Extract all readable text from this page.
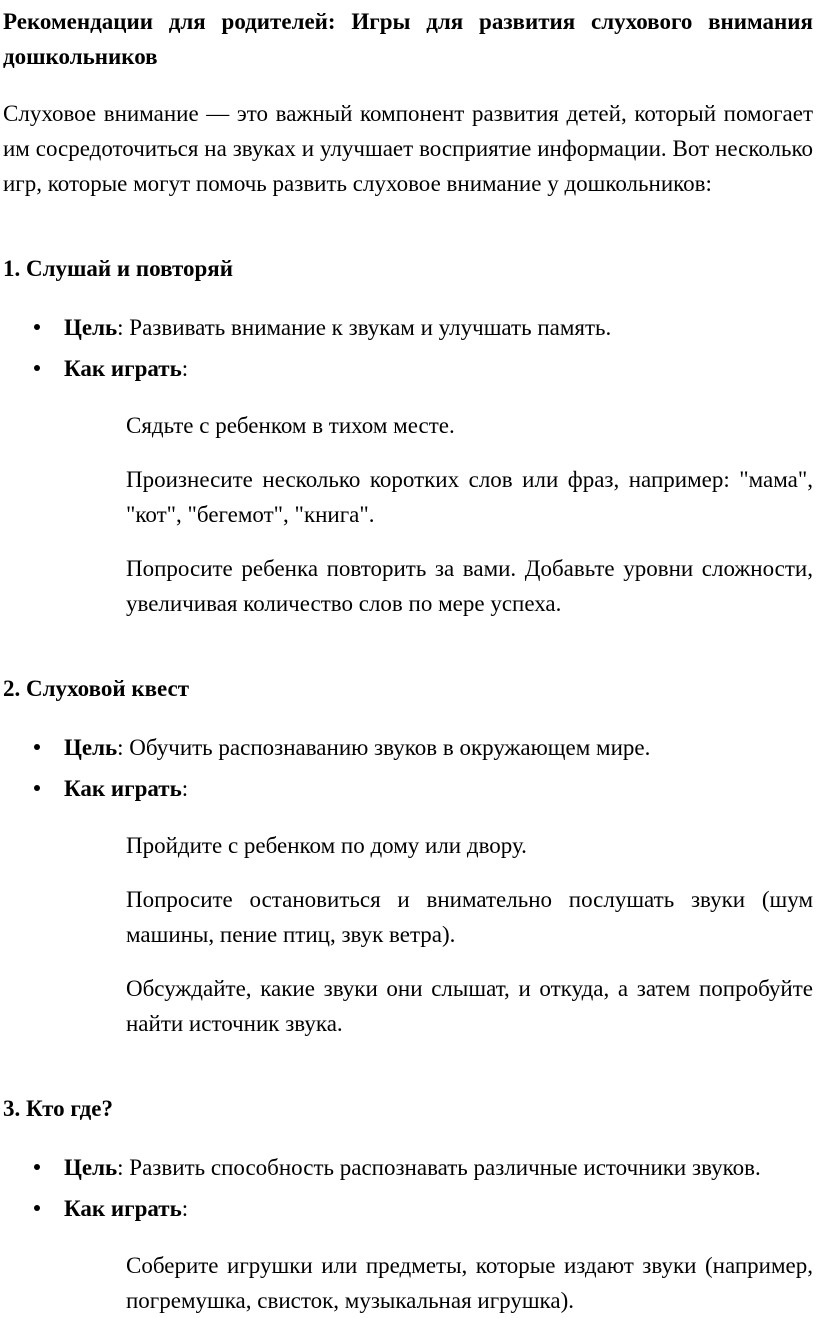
Рекомендации для родителей: Игры для развития слухового внимания дошкольников

Слуховое внимание — это важный компонент развития детей, который помогает им сосредоточиться на звуках и улучшает восприятие информации. Вот несколько игр, которые могут помочь развить слуховое внимание у дошкольников:

1. Слушай и повторяй

Цель: Развивать внимание к звукам и улучшать память.
Как играть:

Сядьте с ребенком в тихом месте.

Произнесите несколько коротких слов или фраз, например: "мама", "кот", "бегемот", "книга".

Попросите ребенка повторить за вами. Добавьте уровни сложности, увеличивая количество слов по мере успеха.

2. Слуховой квест

Цель: Обучить распознаванию звуков в окружающем мире.
Как играть:

Пройдите с ребенком по дому или двору.

Попросите остановиться и внимательно послушать звуки (шум машины, пение птиц, звук ветра).

Обсуждайте, какие звуки они слышат, и откуда, а затем попробуйте найти источник звука.

3. Кто где?

Цель: Развить способность распознавать различные источники звуков.
Как играть:

Соберите игрушки или предметы, которые издают звуки (например, погремушка, свисток, музыкальная игрушка).
